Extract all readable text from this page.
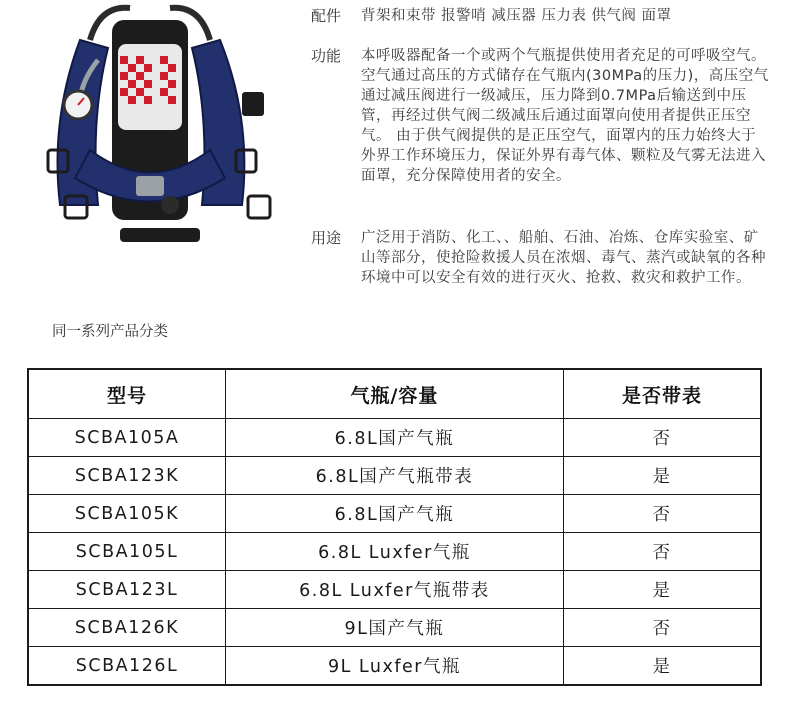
配件	背架和束带 报警哨 减压器 压力表 供气阀 面罩
功能	本呼吸器配备一个或两个气瓶提供使用者充足的可呼吸空气。空气通过高压的方式储存在气瓶内(30MPa的压力)，高压空气通过减压阀进行一级减压，压力降到0.7MPa后输送到中压管，再经过供气阀二级减压后通过面罩向使用者提供正压空气。 由于供气阀提供的是正压空气，面罩内的压力始终大于外界工作环境压力，保证外界有毒气体、颗粒及气雾无法进入面罩，充分保障使用者的安全。
用途	广泛用于消防、化工、、船舶、石油、冶炼、仓库实验室、矿山等部分，使抢险救援人员在浓烟、毒气、蒸汽或缺氧的各种环境中可以安全有效的进行灭火、抢救、救灾和救护工作。
同一系列产品分类
型号	气瓶/容量	是否带表
SCBA105A	6.8L国产气瓶	否
SCBA123K	6.8L国产气瓶带表	是
SCBA105K	6.8L国产气瓶	否
SCBA105L	6.8L Luxfer气瓶	否
SCBA123L	6.8L Luxfer气瓶带表	是
SCBA126K	9L国产气瓶	否
SCBA126L	9L Luxfer气瓶	是
